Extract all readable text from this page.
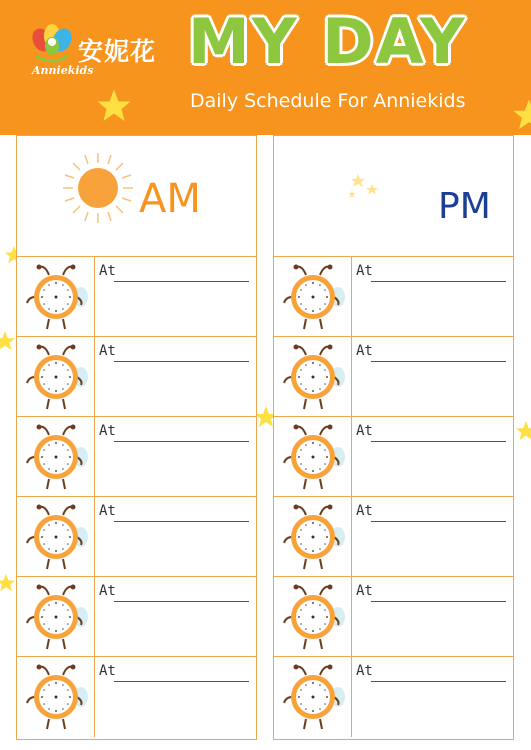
安妮花
Anniekids MY DAY
Daily Schedule For Anniekids
AM
At
At
At
At
At
At
PM
At
At
At
At
At
At
